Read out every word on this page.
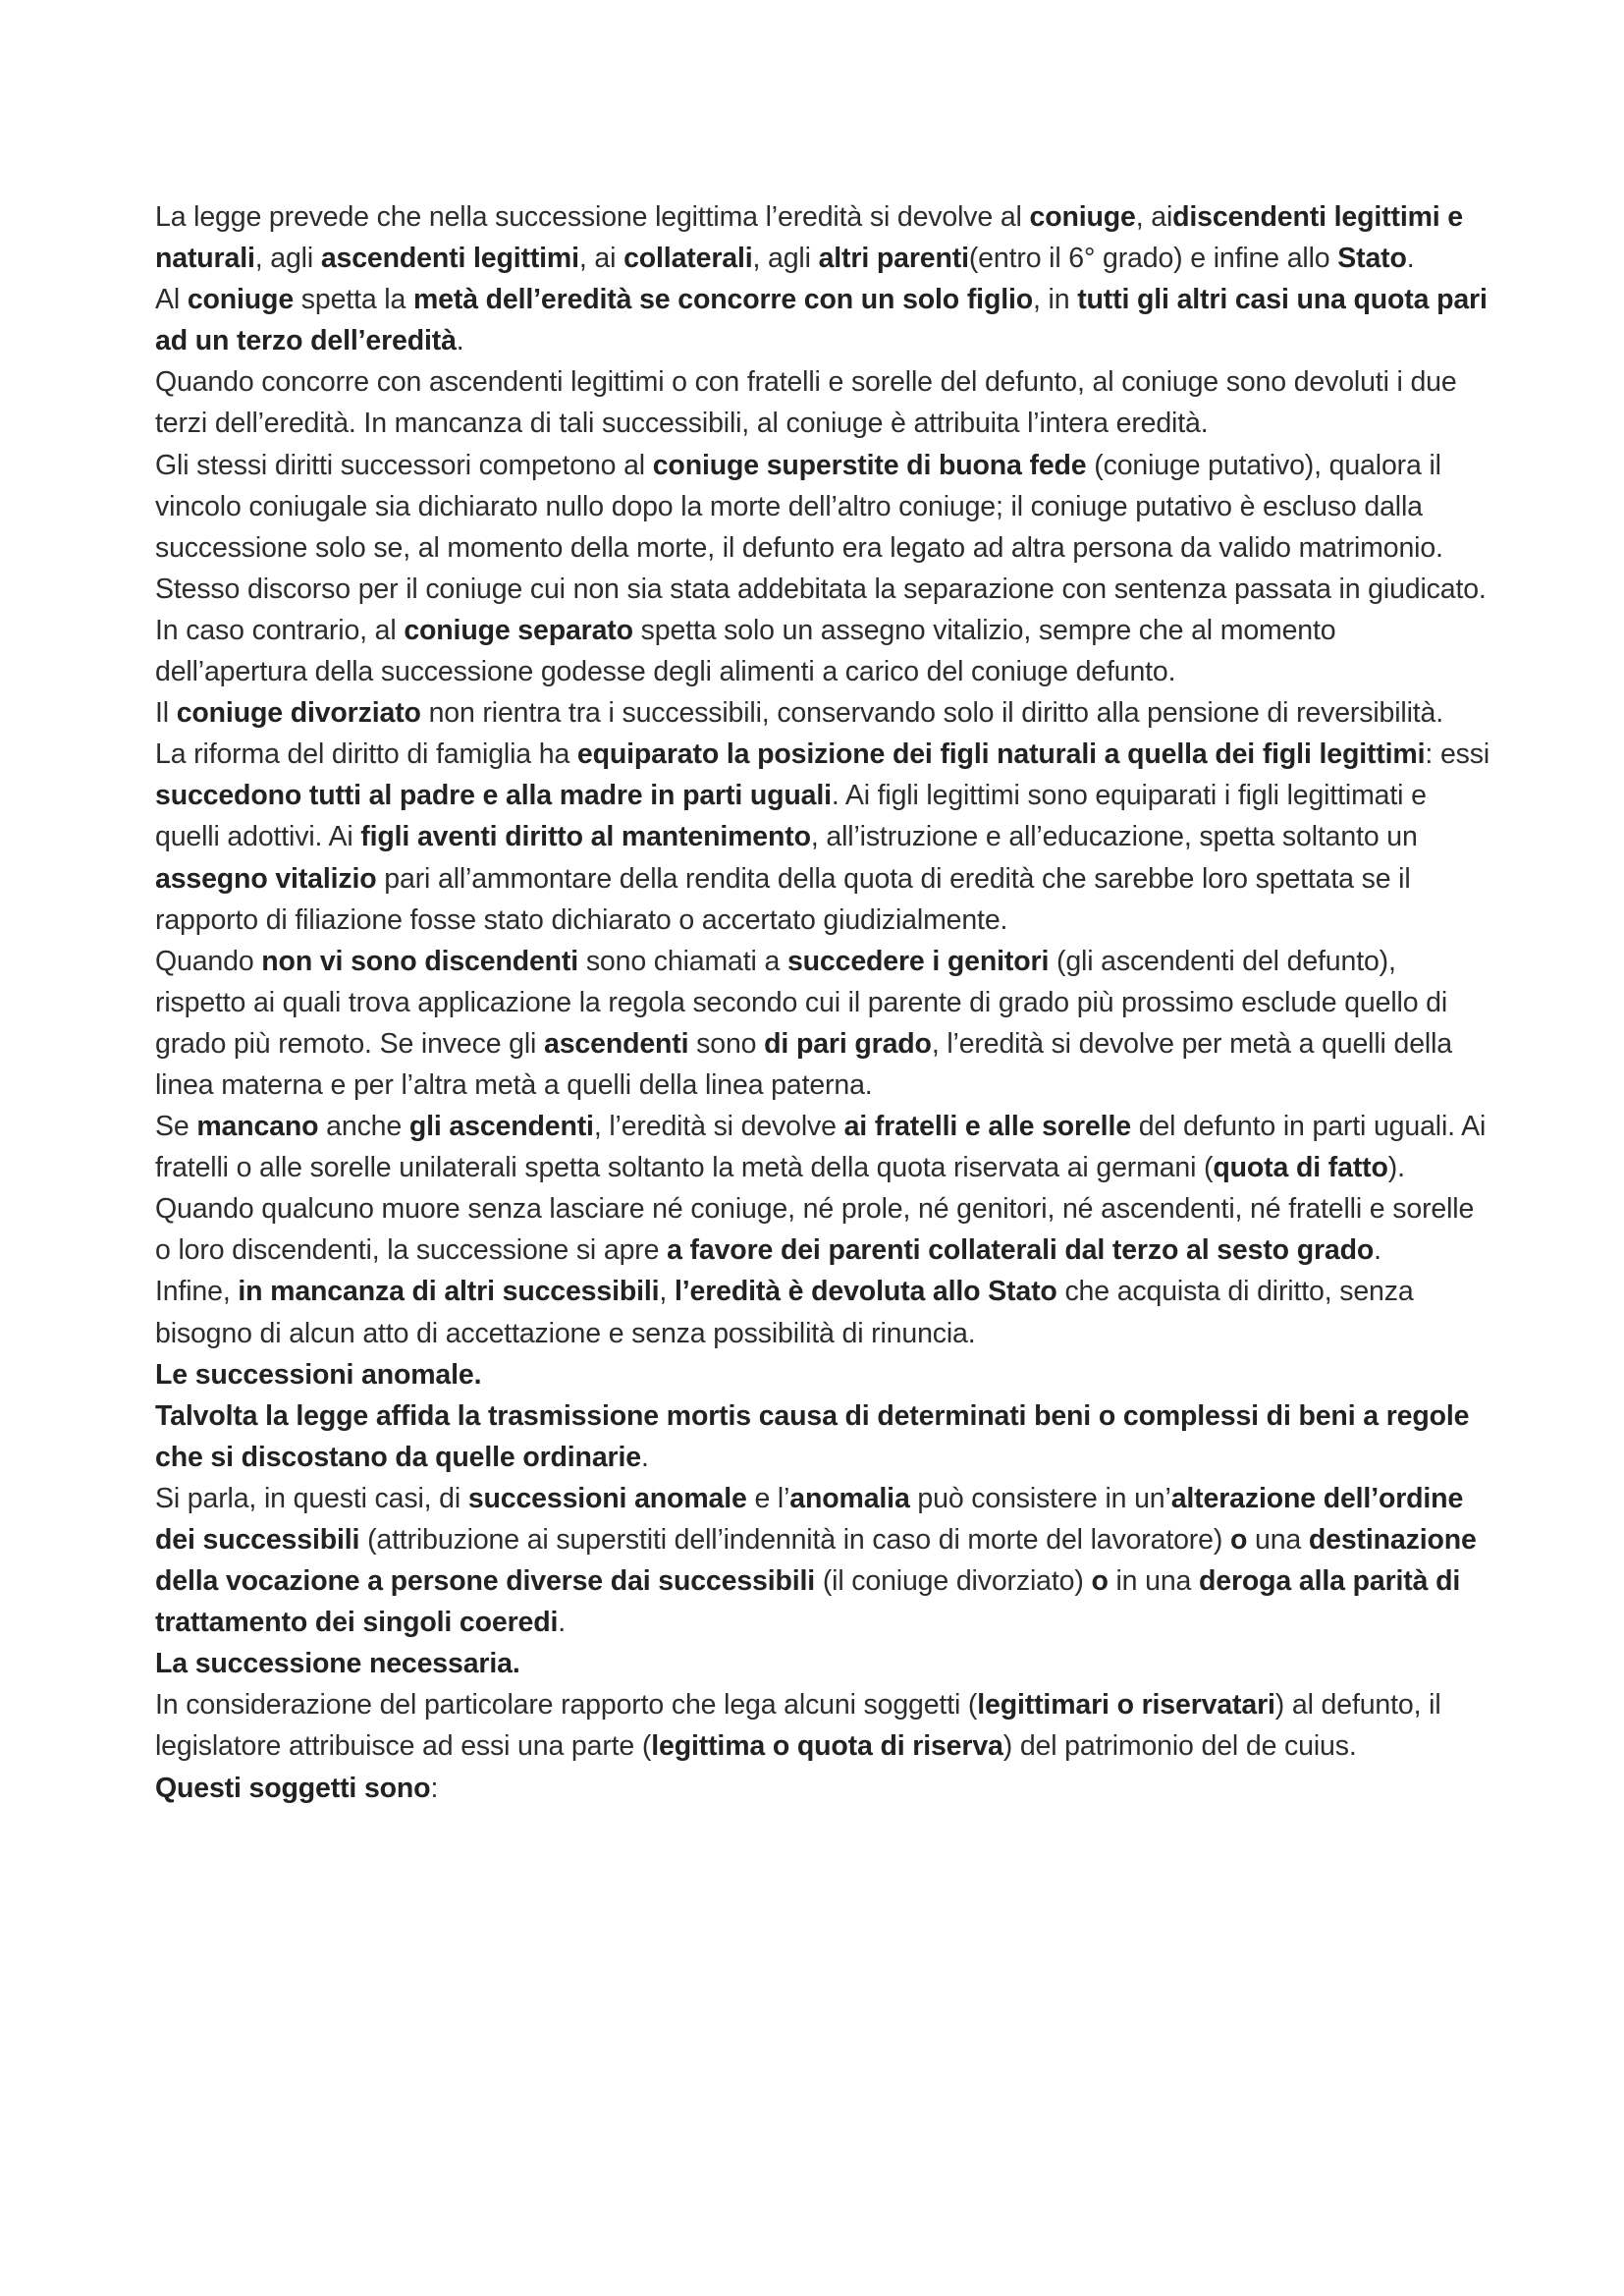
La legge prevede che nella successione legittima l’eredità si devolve al coniuge, aidiscendenti legittimi e naturali, agli ascendenti legittimi, ai collaterali, agli altri parenti(entro il 6° grado) e infine allo Stato.
Al coniuge spetta la metà dell’eredità se concorre con un solo figlio, in tutti gli altri casi una quota pari ad un terzo dell’eredità.
Quando concorre con ascendenti legittimi o con fratelli e sorelle del defunto, al coniuge sono devoluti i due terzi dell’eredità. In mancanza di tali successibili, al coniuge è attribuita l’intera eredità.
Gli stessi diritti successori competono al coniuge superstite di buona fede (coniuge putativo), qualora il vincolo coniugale sia dichiarato nullo dopo la morte dell’altro coniuge; il coniuge putativo è escluso dalla successione solo se, al momento della morte, il defunto era legato ad altra persona da valido matrimonio.
Stesso discorso per il coniuge cui non sia stata addebitata la separazione con sentenza passata in giudicato.
In caso contrario, al coniuge separato spetta solo un assegno vitalizio, sempre che al momento dell’apertura della successione godesse degli alimenti a carico del coniuge defunto.
Il coniuge divorziato non rientra tra i successibili, conservando solo il diritto alla pensione di reversibilità.
La riforma del diritto di famiglia ha equiparato la posizione dei figli naturali a quella dei figli legittimi: essi succedono tutti al padre e alla madre in parti uguali. Ai figli legittimi sono equiparati i figli legittimati e quelli adottivi. Ai figli aventi diritto al mantenimento, all’istruzione e all’educazione, spetta soltanto un assegno vitalizio pari all’ammontare della rendita della quota di eredità che sarebbe loro spettata se il rapporto di filiazione fosse stato dichiarato o accertato giudizialmente.
Quando non vi sono discendenti sono chiamati a succedere i genitori (gli ascendenti del defunto), rispetto ai quali trova applicazione la regola secondo cui il parente di grado più prossimo esclude quello di grado più remoto. Se invece gli ascendenti sono di pari grado, l’eredità si devolve per metà a quelli della linea materna e per l’altra metà a quelli della linea paterna.
Se mancano anche gli ascendenti, l’eredità si devolve ai fratelli e alle sorelle del defunto in parti uguali. Ai fratelli o alle sorelle unilaterali spetta soltanto la metà della quota riservata ai germani (quota di fatto).
Quando qualcuno muore senza lasciare né coniuge, né prole, né genitori, né ascendenti, né fratelli e sorelle o loro discendenti, la successione si apre a favore dei parenti collaterali dal terzo al sesto grado.
Infine, in mancanza di altri successibili, l’eredità è devoluta allo Stato che acquista di diritto, senza bisogno di alcun atto di accettazione e senza possibilità di rinuncia.
Le successioni anomale.
Talvolta la legge affida la trasmissione mortis causa di determinati beni o complessi di beni a regole che si discostano da quelle ordinarie.
Si parla, in questi casi, di successioni anomale e l’anomalia può consistere in un’alterazione dell’ordine dei successibili (attribuzione ai superstiti dell’indennità in caso di morte del lavoratore) o una destinazione della vocazione a persone diverse dai successibili (il coniuge divorziato) o in una deroga alla parità di trattamento dei singoli coeredi.
La successione necessaria.
In considerazione del particolare rapporto che lega alcuni soggetti (legittimari o riservatari) al defunto, il legislatore attribuisce ad essi una parte (legittima o quota di riserva) del patrimonio del de cuius.
Questi soggetti sono:
